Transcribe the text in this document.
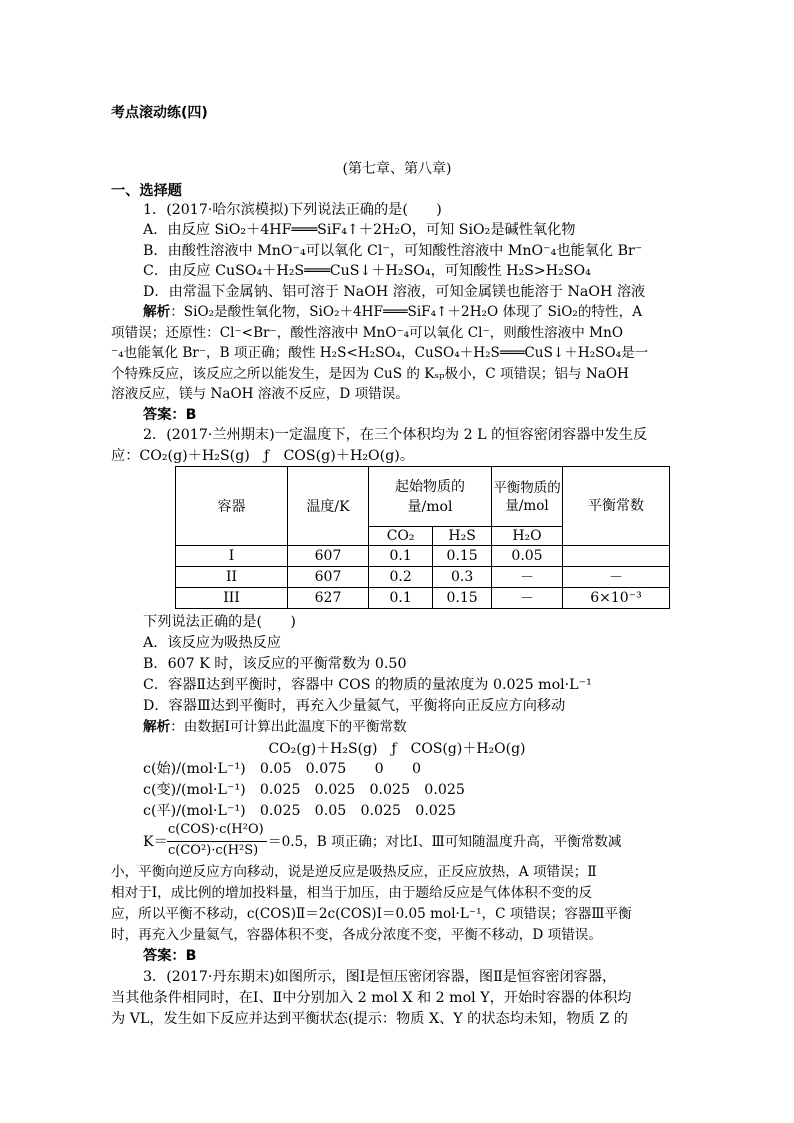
考点滚动练(四)
(第七章、第八章)
一、选择题
1．(2017·哈尔滨模拟)下列说法正确的是(　　)
A．由反应 SiO₂＋4HF═══SiF₄↑＋2H₂O，可知 SiO₂是碱性氧化物
B．由酸性溶液中 MnO⁻₄可以氧化 Cl⁻，可知酸性溶液中 MnO⁻₄也能氧化 Br⁻
C．由反应 CuSO₄＋H₂S═══CuS↓＋H₂SO₄，可知酸性 H₂S>H₂SO₄
D．由常温下金属钠、铝可溶于 NaOH 溶液，可知金属镁也能溶于 NaOH 溶液
解析：SiO₂是酸性氧化物，SiO₂＋4HF═══SiF₄↑＋2H₂O 体现了 SiO₂的特性，A
项错误；还原性：Cl⁻<Br⁻，酸性溶液中 MnO⁻₄可以氧化 Cl⁻，则酸性溶液中 MnO
⁻₄也能氧化 Br⁻，B 项正确；酸性 H₂S<H₂SO₄，CuSO₄＋H₂S═══CuS↓＋H₂SO₄是一
个特殊反应，该反应之所以能发生，是因为 CuS 的 Kₛₚ极小，C 项错误；铝与 NaOH
溶液反应，镁与 NaOH 溶液不反应，D 项错误。
答案：B
2．(2017·兰州期末)一定温度下，在三个体积均为 2 L 的恒容密闭容器中发生反
应：CO₂(g)＋H₂S(g)　ƒ　COS(g)＋H₂O(g)。
容器	温度/K	起始物质的量/mol		平衡物质的量/mol	平衡常数
		CO₂	H₂S	H₂O	
I	607	0.1	0.15	0.05	
II	607	0.2	0.3	－	－
III	627	0.1	0.15	－	6×10⁻³
下列说法正确的是(　　)
A．该反应为吸热反应
B．607 K 时，该反应的平衡常数为 0.50
C．容器Ⅱ达到平衡时，容器中 COS 的物质的量浓度为 0.025 mol·L⁻¹
D．容器Ⅲ达到平衡时，再充入少量氦气，平衡将向正反应方向移动
解析：由数据Ⅰ可计算出此温度下的平衡常数
CO₂(g)＋H₂S(g)　ƒ　COS(g)＋H₂O(g)
c(始)/(mol·L⁻¹)　0.05　0.075　　0　　0
c(变)/(mol·L⁻¹)　0.025　0.025　0.025　0.025
c(平)/(mol·L⁻¹)　0.025　0.05　0.025　0.025
K＝
c(COS)·c(H²O)
c(CO²)·c(H²S)
＝0.5，B 项正确；对比Ⅰ、Ⅲ可知随温度升高，平衡常数减
小，平衡向逆反应方向移动，说是逆反应是吸热反应，正反应放热，A 项错误；Ⅱ
相对于Ⅰ，成比例的增加投料量，相当于加压，由于题给反应是气体体积不变的反
应，所以平衡不移动，c(COS)Ⅱ＝2c(COS)Ⅰ＝0.05 mol·L⁻¹，C 项错误；容器Ⅲ平衡
时，再充入少量氦气，容器体积不变，各成分浓度不变，平衡不移动，D 项错误。
答案：B
3．(2017·丹东期末)如图所示，图Ⅰ是恒压密闭容器，图Ⅱ是恒容密闭容器，
当其他条件相同时，在Ⅰ、Ⅱ中分别加入 2 mol X 和 2 mol Y，开始时容器的体积均
为 VL，发生如下反应并达到平衡状态(提示：物质 X、Y 的状态均未知，物质 Z 的
